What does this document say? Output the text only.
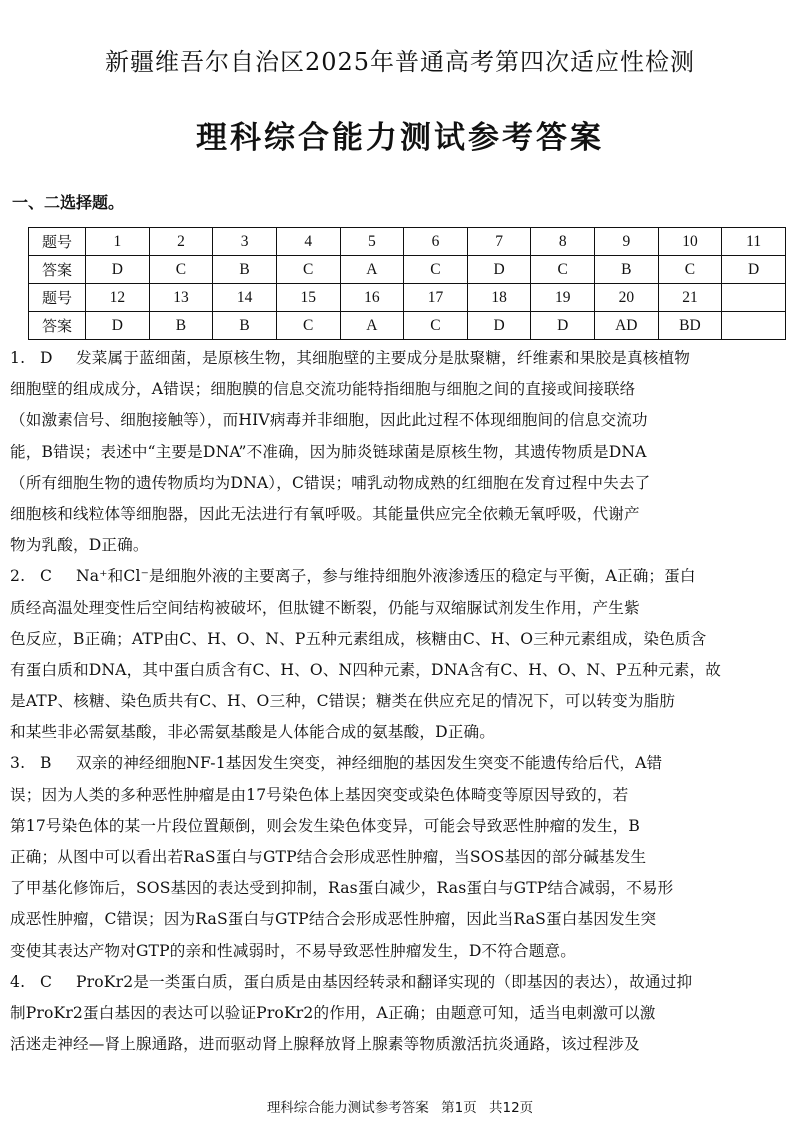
新疆维吾尔自治区2025年普通高考第四次适应性检测
理科综合能力测试参考答案
一、二选择题。
题号	1	2	3	4	5	6	7	8	9	10	11
答案	D	C	B	C	A	C	D	C	B	C	D
题号	12	13	14	15	16	17	18	19	20	21	
答案	D	B	B	C	A	C	D	D	AD	BD	
1. D 发菜属于蓝细菌，是原核生物，其细胞壁的主要成分是肽聚糖，纤维素和果胶是真核植物
细胞壁的组成成分，A错误；细胞膜的信息交流功能特指细胞与细胞之间的直接或间接联络
（如激素信号、细胞接触等），而HIV病毒并非细胞，因此此过程不体现细胞间的信息交流功
能，B错误；表述中“主要是DNA”不准确，因为肺炎链球菌是原核生物，其遗传物质是DNA
（所有细胞生物的遗传物质均为DNA），C错误；哺乳动物成熟的红细胞在发育过程中失去了
细胞核和线粒体等细胞器，因此无法进行有氧呼吸。其能量供应完全依赖无氧呼吸，代谢产
物为乳酸，D正确。
2. C Na⁺和Cl⁻是细胞外液的主要离子，参与维持细胞外液渗透压的稳定与平衡，A正确；蛋白
质经高温处理变性后空间结构被破坏，但肽键不断裂，仍能与双缩脲试剂发生作用，产生紫
色反应，B正确；ATP由C、H、O、N、P五种元素组成，核糖由C、H、O三种元素组成，染色质含
有蛋白质和DNA，其中蛋白质含有C、H、O、N四种元素，DNA含有C、H、O、N、P五种元素，故
是ATP、核糖、染色质共有C、H、O三种，C错误；糖类在供应充足的情况下，可以转变为脂肪
和某些非必需氨基酸，非必需氨基酸是人体能合成的氨基酸，D正确。
3. B 双亲的神经细胞NF-1基因发生突变，神经细胞的基因发生突变不能遗传给后代，A错
误；因为人类的多种恶性肿瘤是由17号染色体上基因突变或染色体畸变等原因导致的，若
第17号染色体的某一片段位置颠倒，则会发生染色体变异，可能会导致恶性肿瘤的发生，B
正确；从图中可以看出若RaS蛋白与GTP结合会形成恶性肿瘤，当SOS基因的部分碱基发生
了甲基化修饰后，SOS基因的表达受到抑制，Ras蛋白减少，Ras蛋白与GTP结合减弱，不易形
成恶性肿瘤，C错误；因为RaS蛋白与GTP结合会形成恶性肿瘤，因此当RaS蛋白基因发生突
变使其表达产物对GTP的亲和性减弱时，不易导致恶性肿瘤发生，D不符合题意。
4. C ProKr2是一类蛋白质，蛋白质是由基因经转录和翻译实现的（即基因的表达），故通过抑
制ProKr2蛋白基因的表达可以验证ProKr2的作用，A正确；由题意可知，适当电刺激可以激
活迷走神经—肾上腺通路，进而驱动肾上腺释放肾上腺素等物质激活抗炎通路，该过程涉及
理科综合能力测试参考答案 第1页 共12页
